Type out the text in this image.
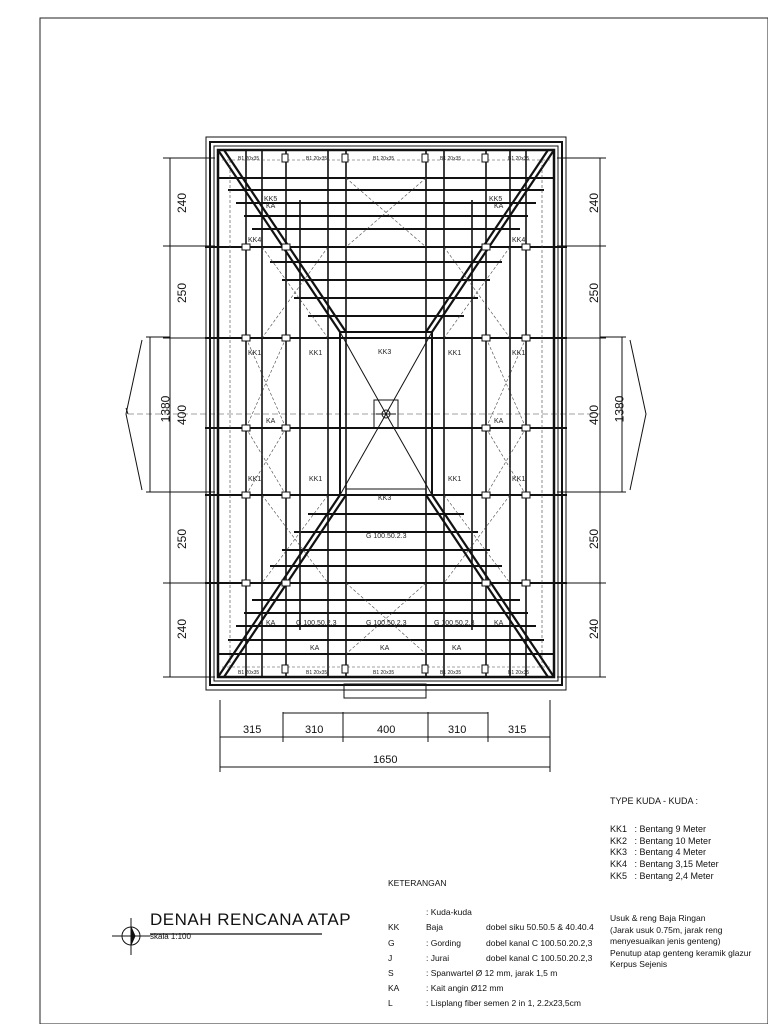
240
250
1380 400
250
240
240
250
400 1380
250
240
315	310	400	310	315
1650
KK4	KK4
KK1	KK1	KK1	KK1
KK1	KK1	KK1	KK1
KK3
KK3
KK5	KK5
KA	KA
KA	KA
KA	KA
KA	KA	KA
G 100.50.2.3
G 100.50.2.3	G 100.50.2.3	G 100.50.2.3
B1 20x35	B1 20x35	B1 20x35	B1 20x35	B1 20x35
B1 20x35	B1 20x35	B1 20x35	B1 20x35	B1 20x35
DENAH RENCANA ATAP
skala 1:100
KETERANGAN
KK: Kuda-kuda Baja	dobel siku 50.50.5 & 40.40.4
G	: Gording	dobel kanal C 100.50.20.2,3
J	: Jurai	dobel kanal C 100.50.20.2,3
S	: Spanwartel Ø 12 mm, jarak 1,5 m
KA	: Kait angin Ø12 mm
L	: Lisplang fiber semen 2 in 1, 2.2x23,5cm
TYPE KUDA - KUDA :
KK1 : Bentang 9 Meter
KK2 : Bentang 10 Meter
KK3 : Bentang 4 Meter
KK4 : Bentang 3,15 Meter
KK5 : Bentang 2,4 Meter
Usuk & reng Baja Ringan
(Jarak usuk 0.75m, jarak reng
menyesuaikan jenis genteng)
Penutup atap genteng keramik glazur
Kerpus Sejenis
